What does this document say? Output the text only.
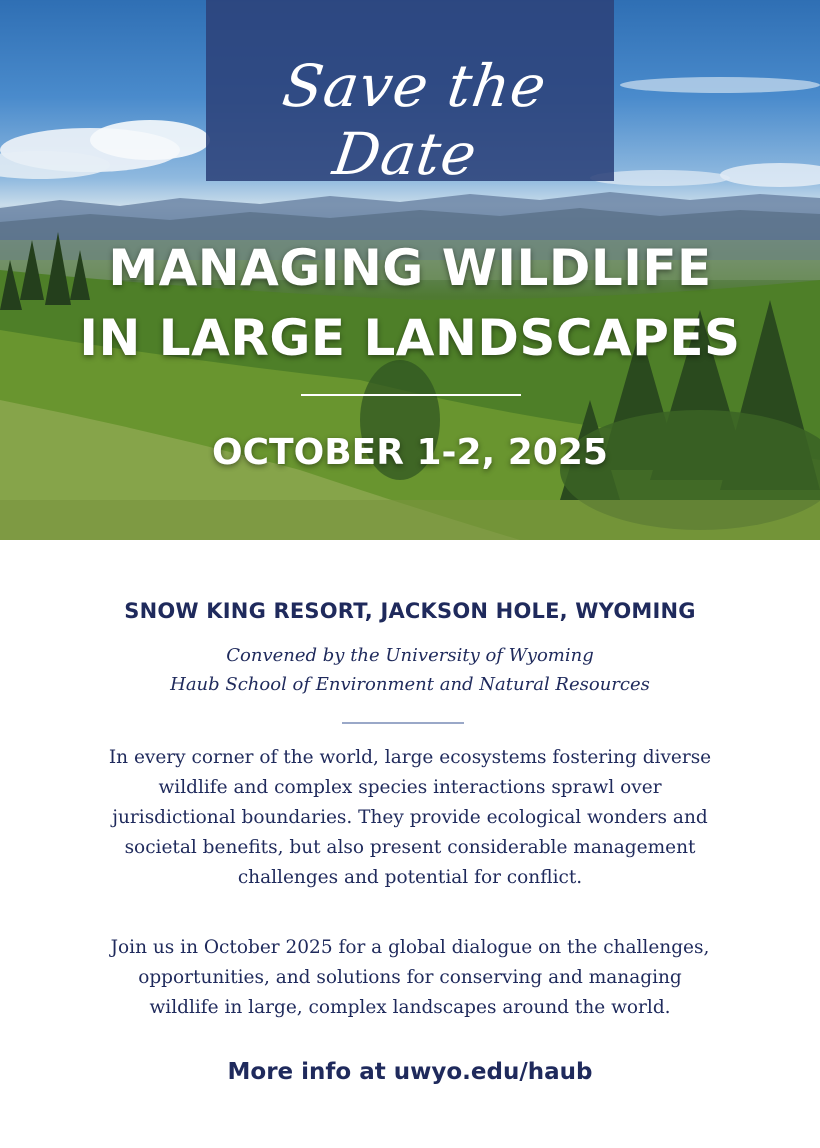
Save the Date
MANAGING WILDLIFE
IN LARGE LANDSCAPES
OCTOBER 1-2, 2025
SNOW KING RESORT, JACKSON HOLE, WYOMING
Convened by the University of Wyoming
Haub School of Environment and Natural Resources
In every corner of the world, large ecosystems fostering diverse
wildlife and complex species interactions sprawl over
jurisdictional boundaries. They provide ecological wonders and
societal benefits, but also present considerable management
challenges and potential for conflict.
Join us in October 2025 for a global dialogue on the challenges,
opportunities, and solutions for conserving and managing
wildlife in large, complex landscapes around the world.
More info at uwyo.edu/haub
